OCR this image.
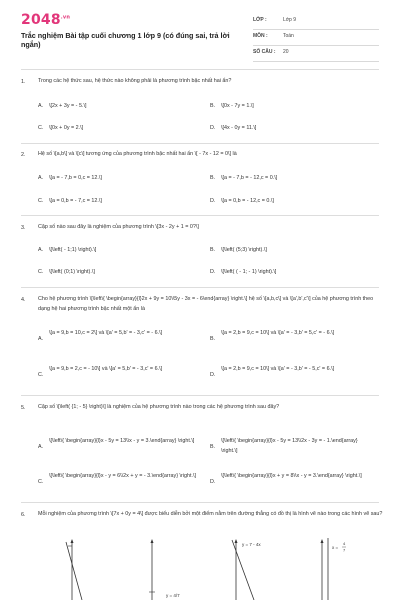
$2048^{.vn}$
Trắc nghiệm Bài tập cuối chương 1 lớp 9 (có đúng sai, trả lời ngắn)
LỚP :	Lớp 9
MÔN :	Toán
SỐ CÂU : 20
1. Trong các hệ thức sau, hệ thức nào không phải là phương trình bậc nhất hai ẩn?
A. \[2x + 3y = - 5.\]	B. \[0x - 7y = 1.\]
C. \[0x + 0y = 2.\]	D. \[4x - 0y = 11.\]
2. Hệ số \[a,b\] và \[c\] tương ứng của phương trình bậc nhất hai ẩn \[ - 7x - 12 = 0\] là
A. \[a = - 7,b = 0,c = 12.\]	B. \[a = - 7,b = - 12,c = 0.\]
C. \[a = 0,b = - 7,c = 12.\]	D. \[a = 0,b = - 12,c = 0.\]
3. Cặp số nào sau đây là nghiệm của phương trình \[3x - 2y + 1 = 0?\]
A. \[\left( - 1;1) \right).\]	B. \[\left( (5;3) \right).\]
C. \[\left( (0;1) \right).\]	D. \[\left( ( - 1; - 1) \right).\]
4. Cho hệ phương trình \[\left\{ \begin{array}{l}2x + 9y = 10\\5y - 3x = - 6\end{array} \right.\] hệ số \[a,b,c\] và \[a',b',c'\] của hệ phương trình theo dạng hệ hai phương trình bậc nhất một ẩn là
A.
\[a = 9,b = 10,c = 2\] và \[a' = 5,b' = - 3,c' = - 6.\]
B.
\[a = 2,b = 9,c = 10\] và \[a' = - 3,b' = 5,c' = - 6.\]
C.
\[a = 9,b = 2,c = - 10\] và \[a' = 5,b' = - 3,c' = 6.\]
D.
\[a = 2,b = 9,c = 10\] và \[a' = - 3,b' = - 5,c' = 6.\]
5. Cặp số \[\left( {1; - 5} \right)\] là nghiệm của hệ phương trình nào trong các hệ phương trình sau đây?
A.
\[\left\{ \begin{array}{l}x - 5y = 13\\x - y = 3.\end{array} \right.\]
B.
\[\left\{ \begin{array}{l}x - 5y = 13\\2x - 3y = - 1.\end{array} \right.\]
C.
\[\left\{ \begin{array}{l}x - y = 6\\2x + y = - 3.\end{array} \right.\]
D.
\[\left\{ \begin{array}{l}x + y = 8\\x - y = 3.\end{array} \right.\]
6. Mỗi nghiệm của phương trình \[7x + 0y = 4\] được biểu diễn bởi một điểm nằm trên đường thẳng có đồ thị là hình vẽ nào trong các hình vẽ sau?
y = 4/7
y = 7 - 4x
x =
4
7
